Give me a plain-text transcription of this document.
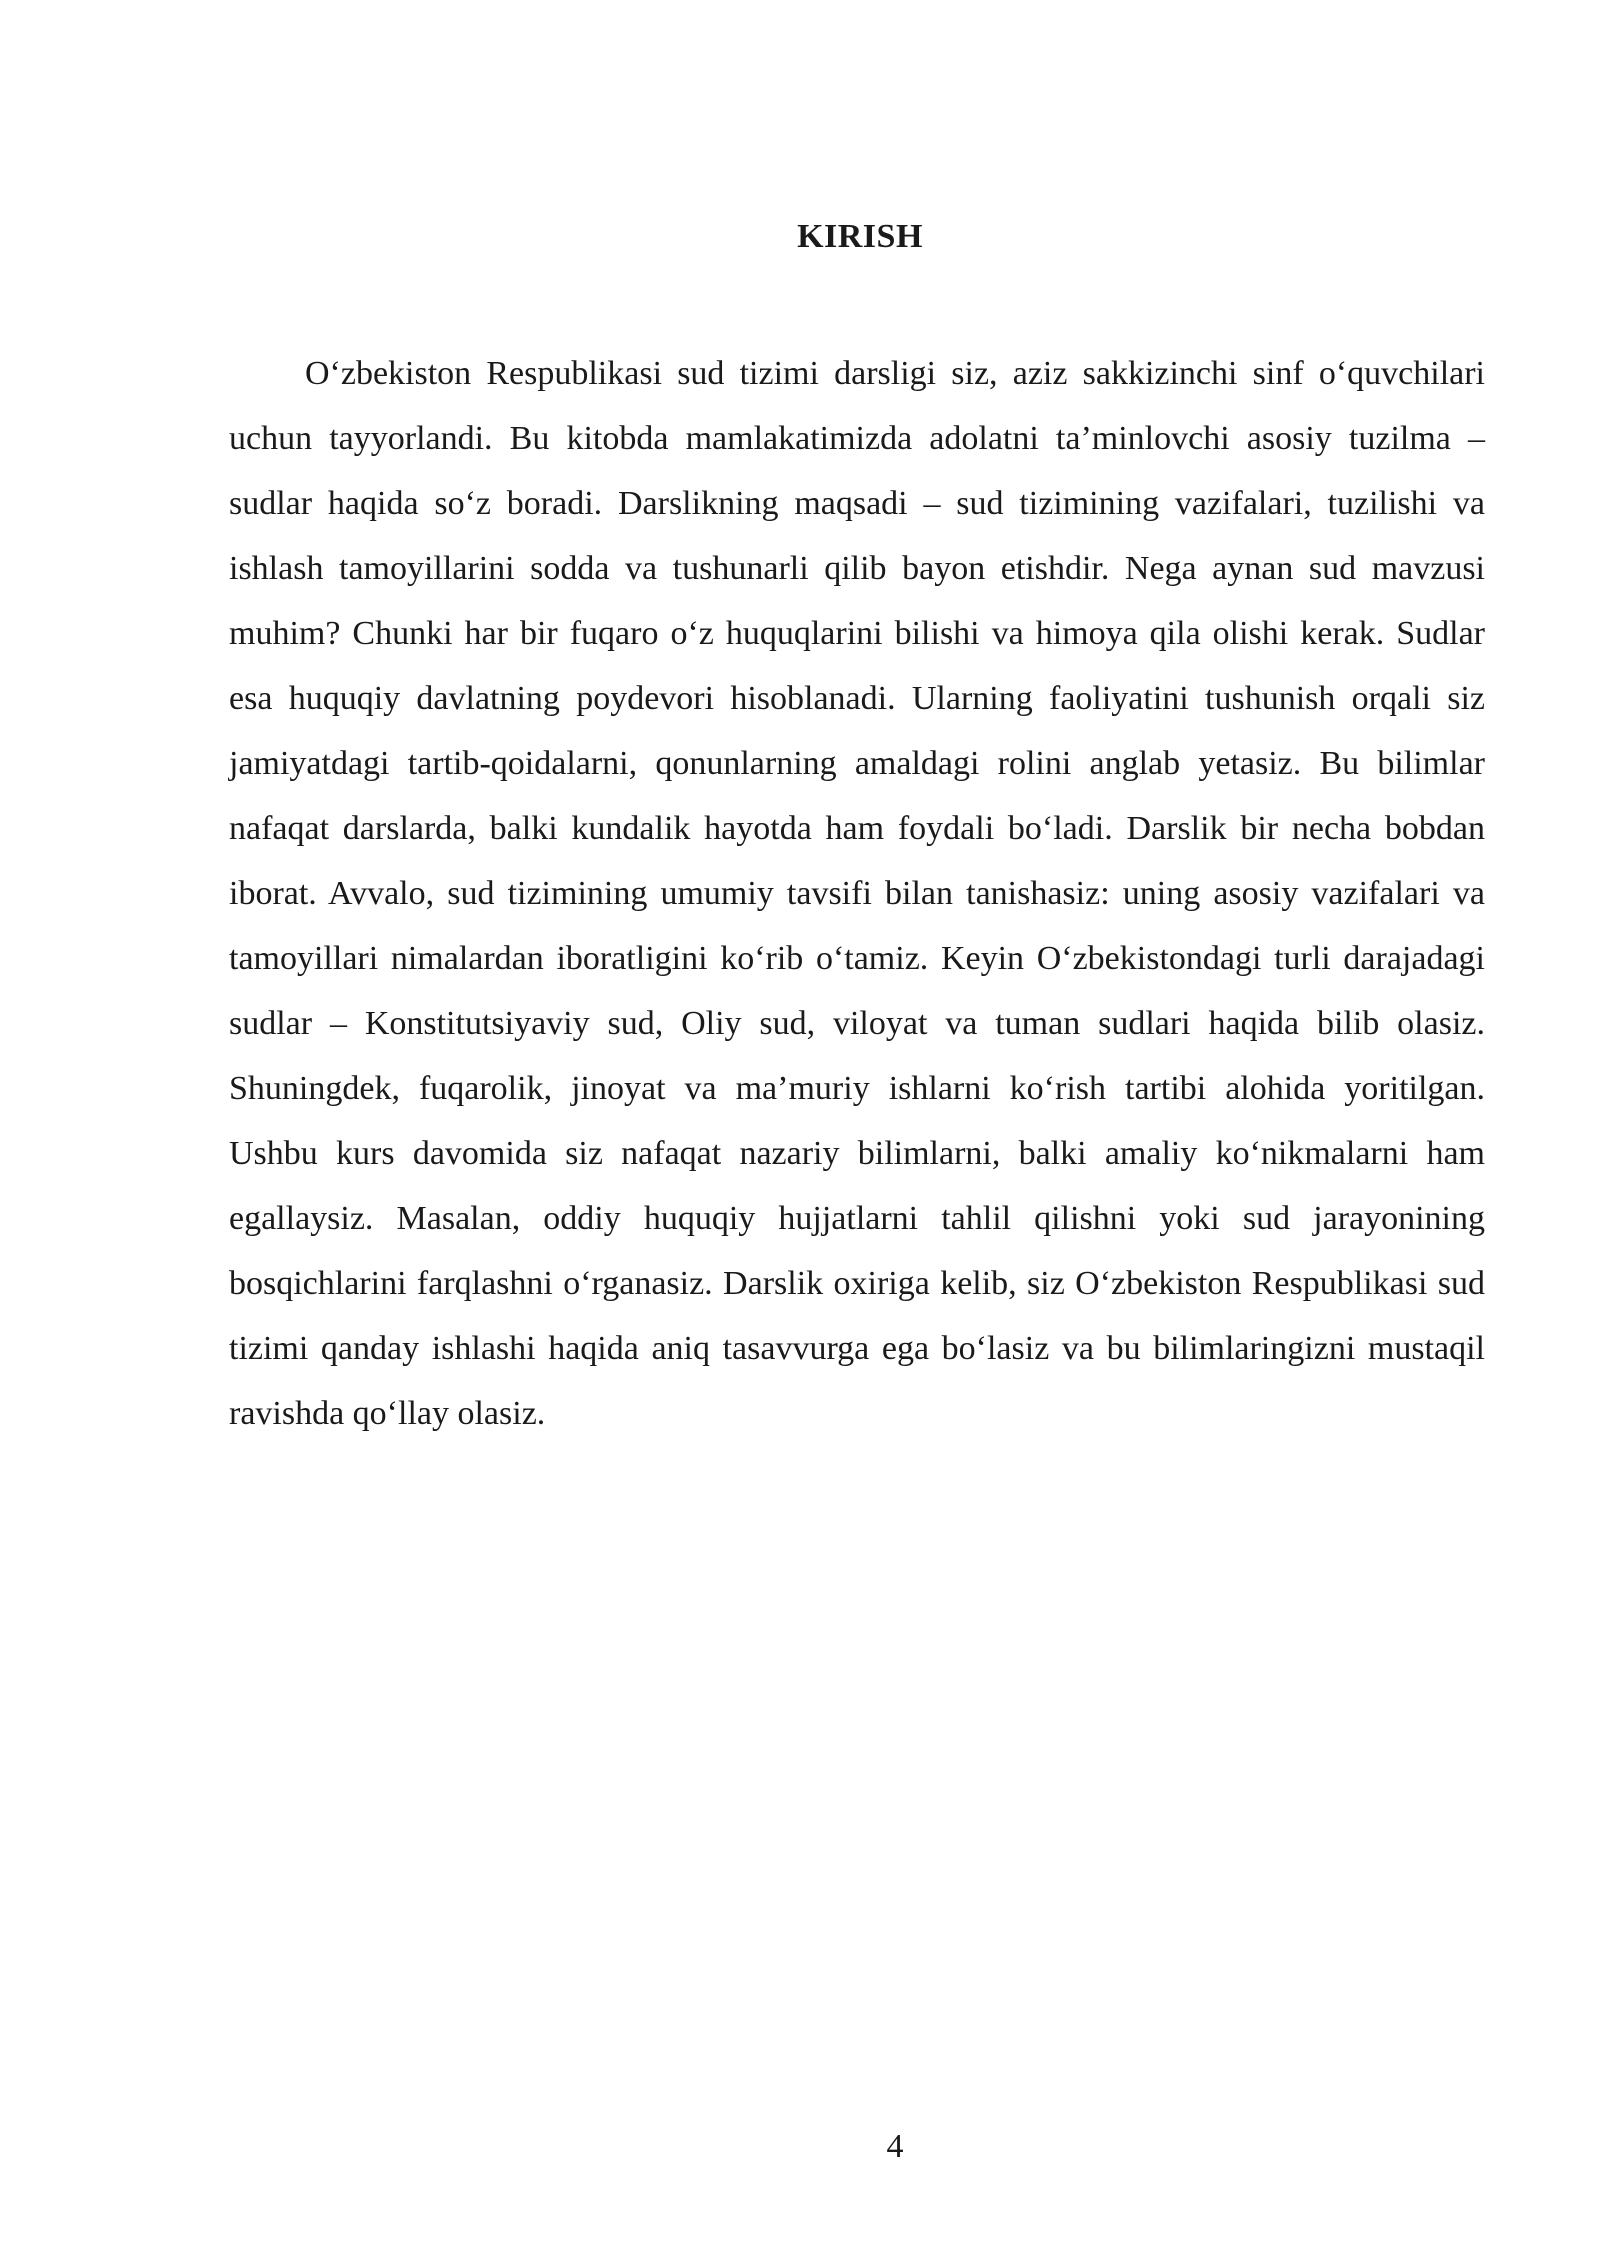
KIRISH

O‘zbekiston Respublikasi sud tizimi darsligi siz, aziz sakkizinchi sinf o‘quvchilari uchun tayyorlandi. Bu kitobda mamlakatimizda adolatni ta’minlovchi asosiy tuzilma – sudlar haqida so‘z boradi. Darslikning maqsadi – sud tizimining vazifalari, tuzilishi va ishlash tamoyillarini sodda va tushunarli qilib bayon etishdir. Nega aynan sud mavzusi muhim? Chunki har bir fuqaro o‘z huquqlarini bilishi va himoya qila olishi kerak. Sudlar esa huquqiy davlatning poydevori hisoblanadi. Ularning faoliyatini tushunish orqali siz jamiyatdagi tartib-qoidalarni, qonunlarning amaldagi rolini anglab yetasiz. Bu bilimlar nafaqat darslarda, balki kundalik hayotda ham foydali bo‘ladi. Darslik bir necha bobdan iborat. Avvalo, sud tizimining umumiy tavsifi bilan tanishasiz: uning asosiy vazifalari va tamoyillari nimalardan iboratligini ko‘rib o‘tamiz. Keyin O‘zbekistondagi turli darajadagi sudlar – Konstitutsiyaviy sud, Oliy sud, viloyat va tuman sudlari haqida bilib olasiz. Shuningdek, fuqarolik, jinoyat va ma’muriy ishlarni ko‘rish tartibi alohida yoritilgan. Ushbu kurs davomida siz nafaqat nazariy bilimlarni, balki amaliy ko‘nikmalarni ham egallaysiz. Masalan, oddiy huquqiy hujjatlarni tahlil qilishni yoki sud jarayonining bosqichlarini farqlashni o‘rganasiz. Darslik oxiriga kelib, siz O‘zbekiston Respublikasi sud tizimi qanday ishlashi haqida aniq tasavvurga ega bo‘lasiz va bu bilimlaringizni mustaqil ravishda qo‘llay olasiz.

4
